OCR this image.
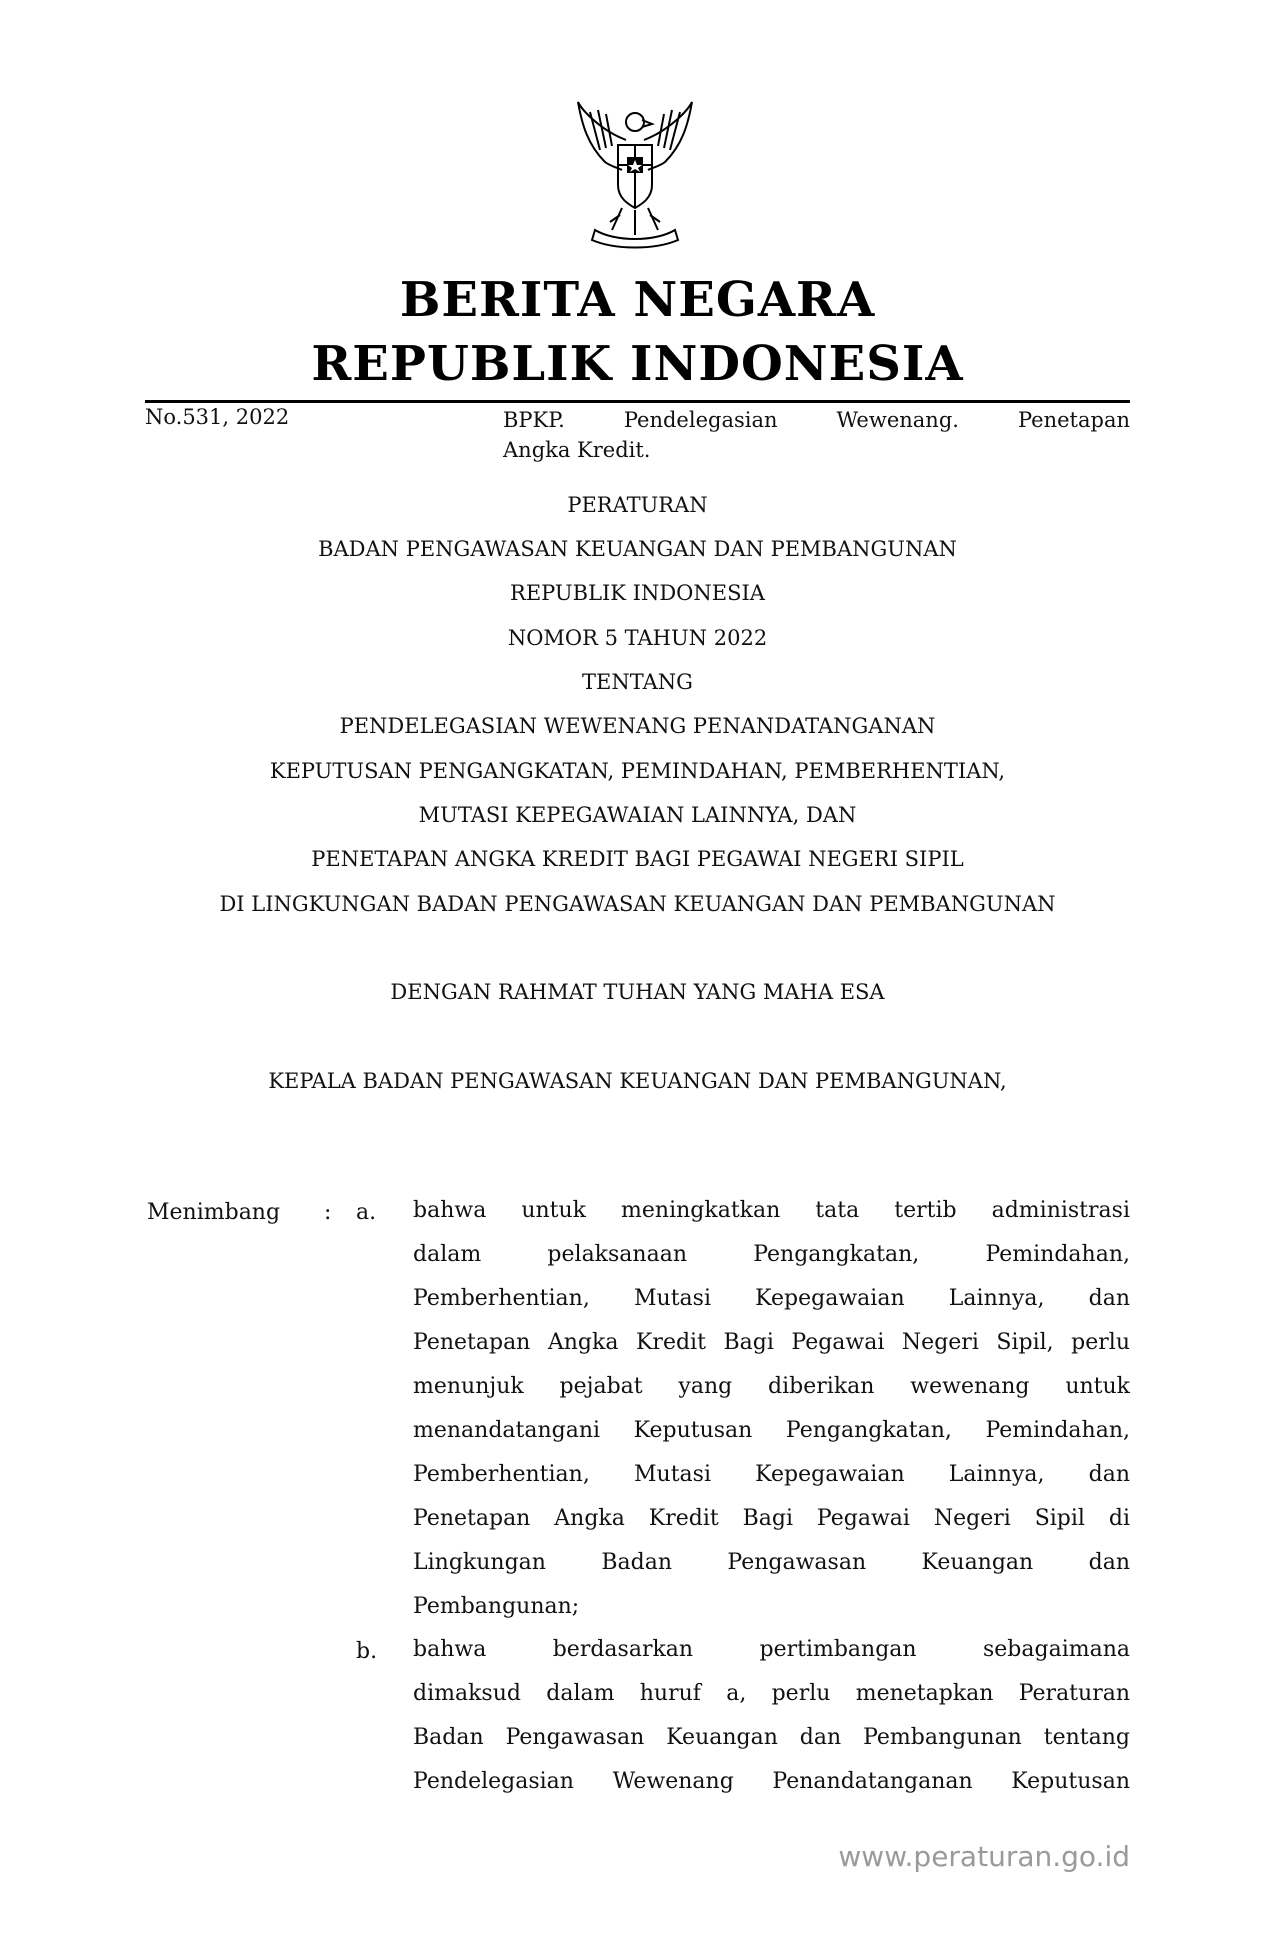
BERITA NEGARA
REPUBLIK INDONESIA
No.531, 2022	BPKP. Pendelegasian Wewenang. Penetapan
Angka Kredit.
PERATURAN
BADAN PENGAWASAN KEUANGAN DAN PEMBANGUNAN
REPUBLIK INDONESIA
NOMOR 5 TAHUN 2022
TENTANG
PENDELEGASIAN WEWENANG PENANDATANGANAN
KEPUTUSAN PENGANGKATAN, PEMINDAHAN, PEMBERHENTIAN,
MUTASI KEPEGAWAIAN LAINNYA, DAN
PENETAPAN ANGKA KREDIT BAGI PEGAWAI NEGERI SIPIL
DI LINGKUNGAN BADAN PENGAWASAN KEUANGAN DAN PEMBANGUNAN
DENGAN RAHMAT TUHAN YANG MAHA ESA
KEPALA BADAN PENGAWASAN KEUANGAN DAN PEMBANGUNAN,
Menimbang : a. bahwa untuk meningkatkan tata tertib administrasi
dalam pelaksanaan Pengangkatan, Pemindahan,
Pemberhentian, Mutasi Kepegawaian Lainnya, dan
Penetapan Angka Kredit Bagi Pegawai Negeri Sipil, perlu
menunjuk pejabat yang diberikan wewenang untuk
menandatangani Keputusan Pengangkatan, Pemindahan,
Pemberhentian, Mutasi Kepegawaian Lainnya, dan
Penetapan Angka Kredit Bagi Pegawai Negeri Sipil di
Lingkungan Badan Pengawasan Keuangan dan
Pembangunan;
b. bahwa berdasarkan pertimbangan sebagaimana
dimaksud dalam huruf a, perlu menetapkan Peraturan
Badan Pengawasan Keuangan dan Pembangunan tentang
Pendelegasian Wewenang Penandatanganan Keputusan
www.peraturan.go.id
